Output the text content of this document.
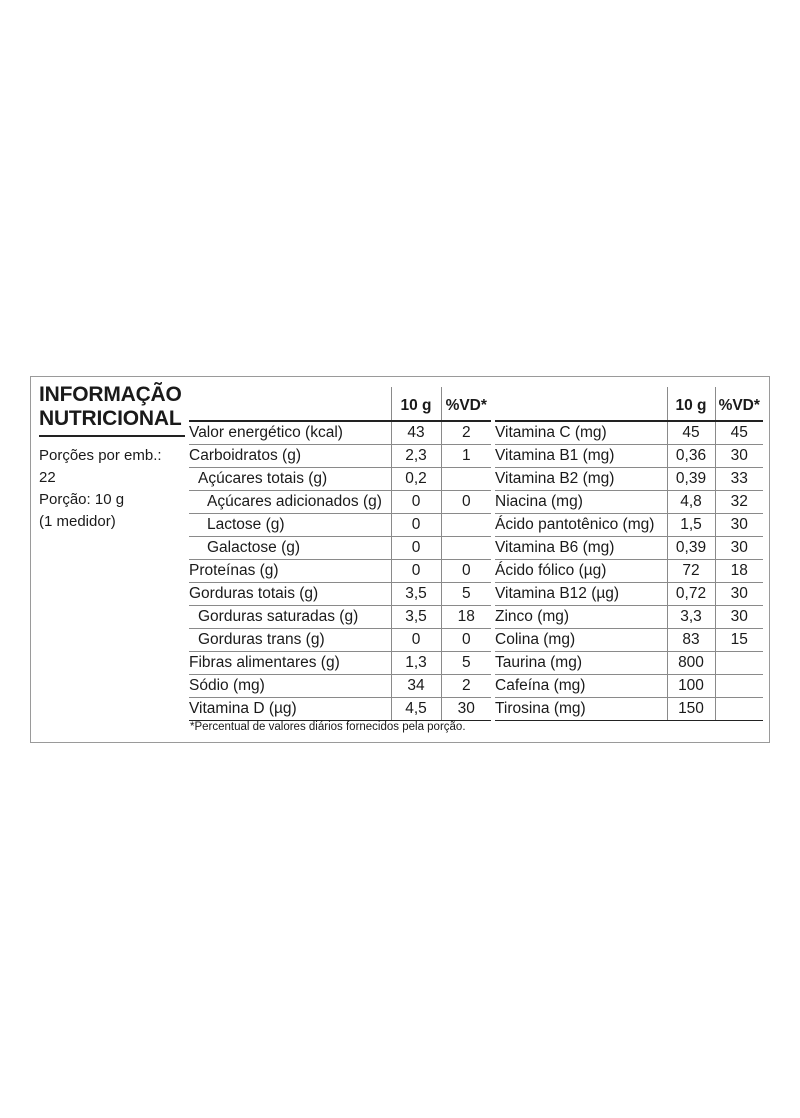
INFORMAÇÃO
NUTRICIONAL
Porções por emb.:
22
Porção: 10 g
(1 medidor)
	10 g	%VD*
Valor energético (kcal)	43	2
Carboidratos (g)	2,3	1
Açúcares totais (g)	0,2	
Açúcares adicionados (g)	0	0
Lactose (g)	0	
Galactose (g)	0	
Proteínas (g)	0	0
Gorduras totais (g)	3,5	5
Gorduras saturadas (g)	3,5	18
Gorduras trans (g)	0	0
Fibras alimentares (g)	1,3	5
Sódio (mg)	34	2
Vitamina D (µg)	4,5	30
	10 g	%VD*
Vitamina C (mg)	45	45
Vitamina B1 (mg)	0,36	30
Vitamina B2 (mg)	0,39	33
Niacina (mg)	4,8	32
Ácido pantotênico (mg)	1,5	30
Vitamina B6 (mg)	0,39	30
Ácido fólico (µg)	72	18
Vitamina B12 (µg)	0,72	30
Zinco (mg)	3,3	30
Colina (mg)	83	15
Taurina (mg)	800	
Cafeína (mg)	100	
Tirosina (mg)	150	
*Percentual de valores diários fornecidos pela porção.
